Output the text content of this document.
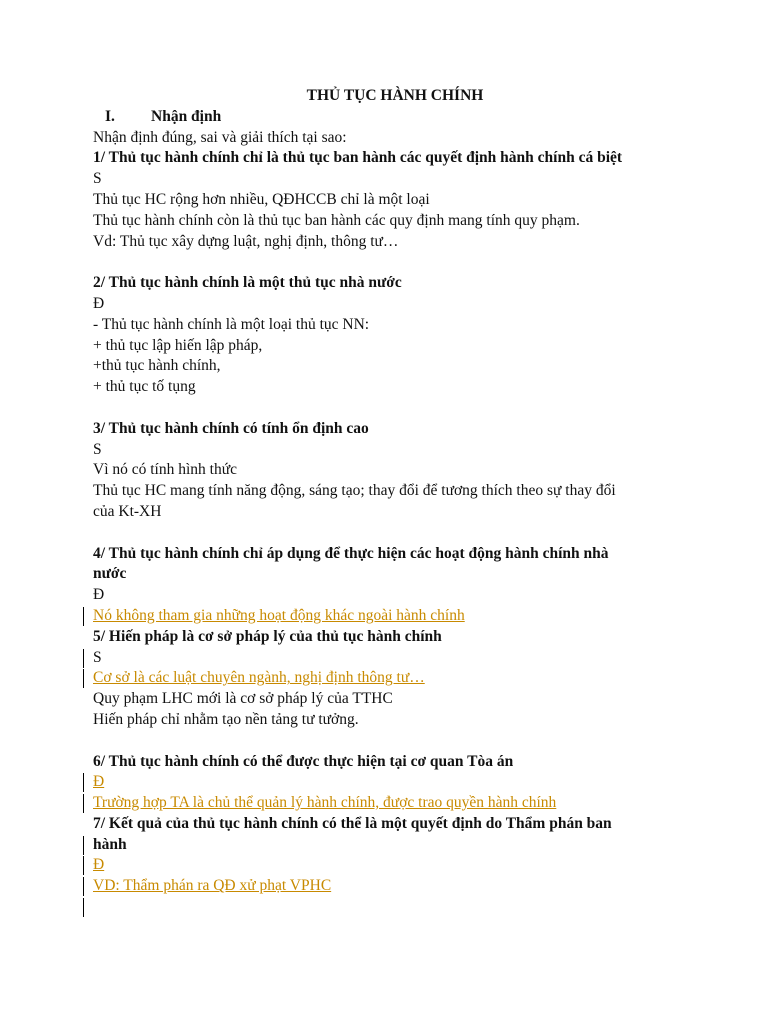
THỦ TỤC HÀNH CHÍNH
I. Nhận định
Nhận định đúng, sai và giải thích tại sao:
1/ Thủ tục hành chính chỉ là thủ tục ban hành các quyết định hành chính cá biệt
S
Thủ tục HC rộng hơn nhiều, QĐHCCB chỉ là một loại
Thủ tục hành chính còn là thủ tục ban hành các quy định mang tính quy phạm.
Vd: Thủ tục xây dựng luật, nghị định, thông tư…
2/ Thủ tục hành chính là một thủ tục nhà nước
Đ
- Thủ tục hành chính là một loại thủ tục NN:
+ thủ tục lập hiến lập pháp,
+thủ tục hành chính,
+ thủ tục tố tụng
3/ Thủ tục hành chính có tính ổn định cao
S
Vì nó có tính hình thức
Thủ tục HC mang tính năng động, sáng tạo; thay đổi để tương thích theo sự thay đổi
của Kt-XH
4/ Thủ tục hành chính chỉ áp dụng để thực hiện các hoạt động hành chính nhà
nước
Đ
Nó không tham gia những hoạt động khác ngoài hành chính
5/ Hiến pháp là cơ sở pháp lý của thủ tục hành chính
S
Cơ sở là các luật chuyên ngành, nghị định thông tư…
Quy phạm LHC mới là cơ sở pháp lý của TTHC
Hiến pháp chỉ nhằm tạo nền tảng tư tưởng.
6/ Thủ tục hành chính có thể được thực hiện tại cơ quan Tòa án
Đ
Trường hợp TA là chủ thể quản lý hành chính, được trao quyền hành chính
7/ Kết quả của thủ tục hành chính có thể là một quyết định do Thẩm phán ban
hành
Đ
VD: Thẩm phán ra QĐ xử phạt VPHC
